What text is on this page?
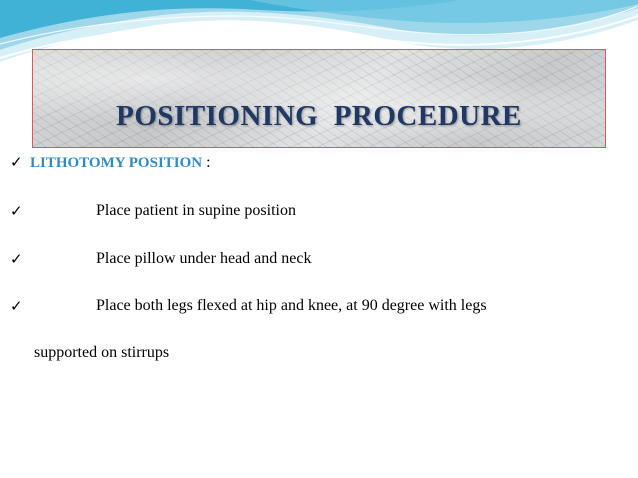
POSITIONING  PROCEDURE
✓ LITHOTOMY POSITION :
✓	Place patient in supine position
✓	Place pillow under head and neck
✓	Place both legs flexed at hip and knee, at 90 degree with legs
supported on stirrups
